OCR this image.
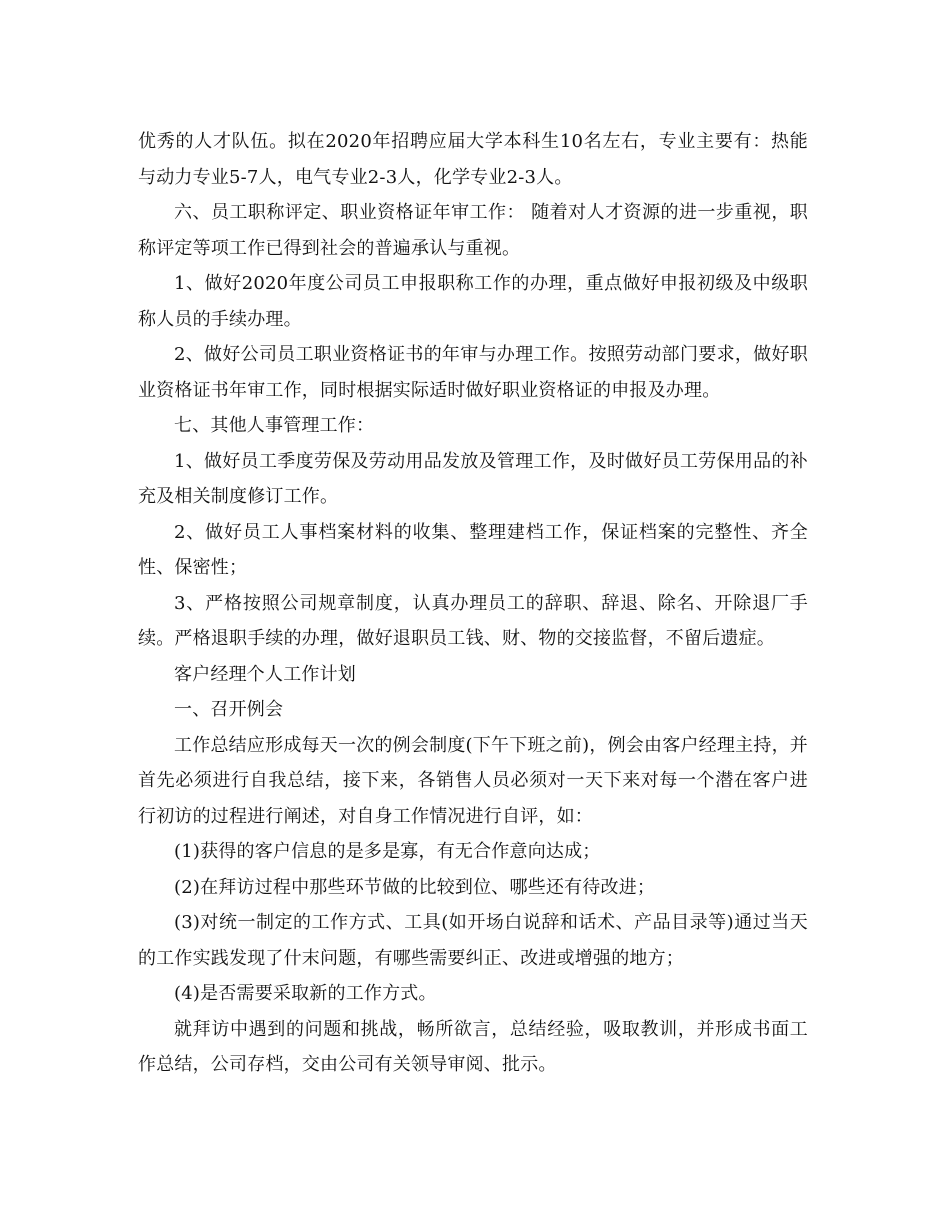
优秀的人才队伍。拟在2020年招聘应届大学本科生10名左右，专业主要有：热能与动力专业5-7人，电气专业2-3人，化学专业2-3人。

六、员工职称评定、职业资格证年审工作： 随着对人才资源的进一步重视，职称评定等项工作已得到社会的普遍承认与重视。

1、做好2020年度公司员工申报职称工作的办理，重点做好申报初级及中级职称人员的手续办理。

2、做好公司员工职业资格证书的年审与办理工作。按照劳动部门要求，做好职业资格证书年审工作，同时根据实际适时做好职业资格证的申报及办理。

七、其他人事管理工作：

1、做好员工季度劳保及劳动用品发放及管理工作，及时做好员工劳保用品的补充及相关制度修订工作。

2、做好员工人事档案材料的收集、整理建档工作，保证档案的完整性、齐全性、保密性；

3、严格按照公司规章制度，认真办理员工的辞职、辞退、除名、开除退厂手续。严格退职手续的办理，做好退职员工钱、财、物的交接监督，不留后遗症。

客户经理个人工作计划

一、召开例会

工作总结应形成每天一次的例会制度(下午下班之前)，例会由客户经理主持，并首先必须进行自我总结，接下来，各销售人员必须对一天下来对每一个潜在客户进行初访的过程进行阐述，对自身工作情况进行自评，如：

(1)获得的客户信息的是多是寡，有无合作意向达成；

(2)在拜访过程中那些环节做的比较到位、哪些还有待改进；

(3)对统一制定的工作方式、工具(如开场白说辞和话术、产品目录等)通过当天的工作实践发现了什末问题，有哪些需要纠正、改进或增强的地方；

(4)是否需要采取新的工作方式。

就拜访中遇到的问题和挑战，畅所欲言，总结经验，吸取教训，并形成书面工作总结，公司存档，交由公司有关领导审阅、批示。
